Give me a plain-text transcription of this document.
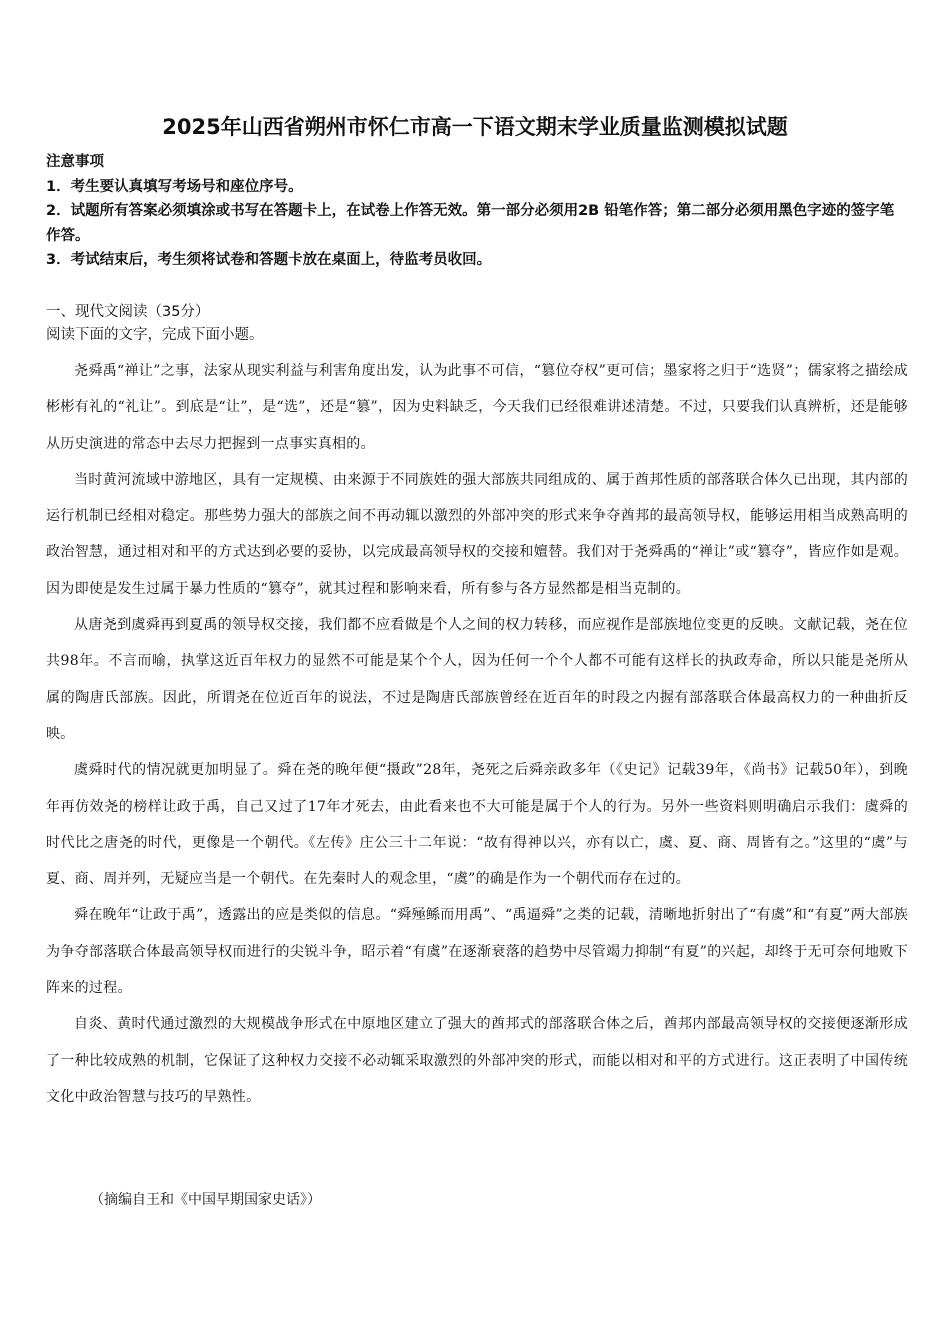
2025年山西省朔州市怀仁市高一下语文期末学业质量监测模拟试题
注意事项
1．考生要认真填写考场号和座位序号。
2．试题所有答案必须填涂或书写在答题卡上，在试卷上作答无效。第一部分必须用2B 铅笔作答；第二部分必须用黑色字迹的签字笔作答。
3．考试结束后，考生须将试卷和答题卡放在桌面上，待监考员收回。
一、现代文阅读（35分）
阅读下面的文字，完成下面小题。

尧舜禹“禅让”之事，法家从现实利益与利害角度出发，认为此事不可信，“篡位夺权”更可信；墨家将之归于“选贤”；儒家将之描绘成彬彬有礼的“礼让”。到底是“让”，是“选”，还是“篡”，因为史料缺乏，今天我们已经很难讲述清楚。不过，只要我们认真辨析，还是能够从历史演进的常态中去尽力把握到一点事实真相的。

当时黄河流域中游地区，具有一定规模、由来源于不同族姓的强大部族共同组成的、属于酋邦性质的部落联合体久已出现，其内部的运行机制已经相对稳定。那些势力强大的部族之间不再动辄以激烈的外部冲突的形式来争夺酋邦的最高领导权，能够运用相当成熟高明的政治智慧，通过相对和平的方式达到必要的妥协，以完成最高领导权的交接和嬗替。我们对于尧舜禹的“禅让”或“篡夺”，皆应作如是观。因为即使是发生过属于暴力性质的“篡夺”，就其过程和影响来看，所有参与各方显然都是相当克制的。

从唐尧到虞舜再到夏禹的领导权交接，我们都不应看做是个人之间的权力转移，而应视作是部族地位变更的反映。文献记载，尧在位共98年。不言而喻，执掌这近百年权力的显然不可能是某个个人，因为任何一个个人都不可能有这样长的执政寿命，所以只能是尧所从属的陶唐氏部族。因此，所谓尧在位近百年的说法，不过是陶唐氏部族曾经在近百年的时段之内握有部落联合体最高权力的一种曲折反映。

虞舜时代的情况就更加明显了。舜在尧的晚年便“摄政”28年，尧死之后舜亲政多年（《史记》记载39年，《尚书》记载50年），到晚年再仿效尧的榜样让政于禹，自己又过了17年才死去，由此看来也不大可能是属于个人的行为。另外一些资料则明确启示我们：虞舜的时代比之唐尧的时代，更像是一个朝代。《左传》庄公三十二年说：“故有得神以兴，亦有以亡，虞、夏、商、周皆有之。”这里的“虞”与夏、商、周并列，无疑应当是一个朝代。在先秦时人的观念里，“虞”的确是作为一个朝代而存在过的。

舜在晚年“让政于禹”，透露出的应是类似的信息。“舜殛鲧而用禹”、“禹逼舜”之类的记载，清晰地折射出了“有虞”和“有夏”两大部族为争夺部落联合体最高领导权而进行的尖锐斗争，昭示着“有虞”在逐渐衰落的趋势中尽管竭力抑制“有夏”的兴起，却终于无可奈何地败下阵来的过程。

自炎、黄时代通过激烈的大规模战争形式在中原地区建立了强大的酋邦式的部落联合体之后，酋邦内部最高领导权的交接便逐渐形成了一种比较成熟的机制，它保证了这种权力交接不必动辄采取激烈的外部冲突的形式，而能以相对和平的方式进行。这正表明了中国传统文化中政治智慧与技巧的早熟性。

（摘编自王和《中国早期国家史话》）
